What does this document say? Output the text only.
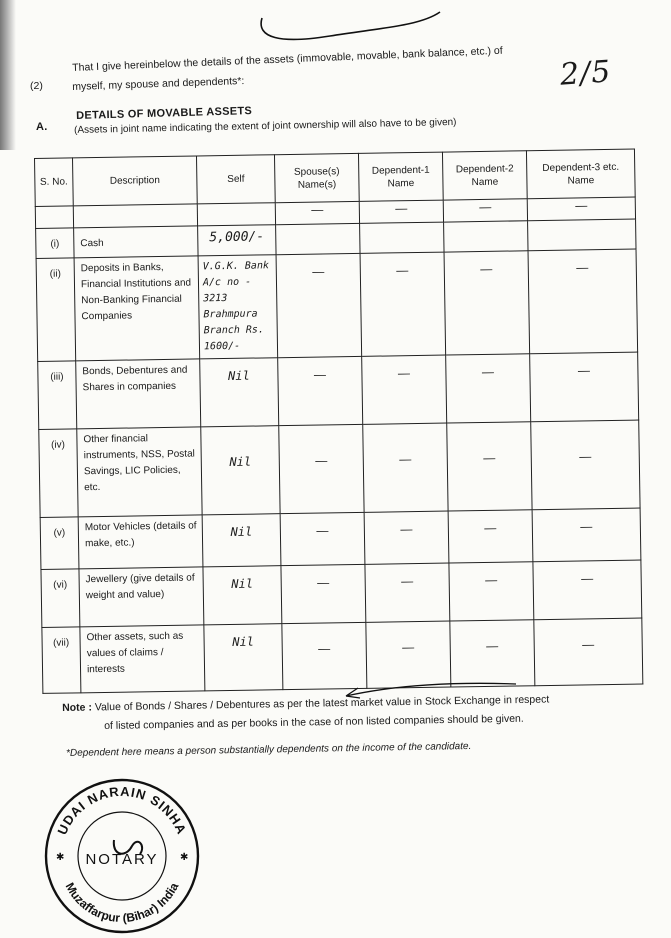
2/5
(2)
That I give hereinbelow the details of the assets (immovable, movable, bank balance, etc.) of
myself, my spouse and dependents*:
A.
DETAILS OF MOVABLE ASSETS
(Assets in joint name indicating the extent of joint ownership will also have to be given)
S. No.	Description	Self	Spouse(s) Name(s)	Dependent-1 Name	Dependent-2 Name	Dependent-3 etc. Name
			—	—	—	—
(i)	Cash	5,000/-				
(ii)	Deposits in Banks, Financial Institutions and Non-Banking Financial Companies	V.G.K. Bank A/c no - 3213 Brahmpura Branch Rs. 1600/-	—	—	—	—
(iii)	Bonds, Debentures and Shares in companies	Nil	—	—	—	—
(iv)	Other financial instruments, NSS, Postal Savings, LIC Policies, etc.	Nil	—	—	—	—
(v)	Motor Vehicles (details of make, etc.)	Nil	—	—	—	—
(vi)	Jewellery (give details of weight and value)	Nil	—	—	—	—
(vii)	Other assets, such as values of claims / interests	Nil	—	—	—	—
Note : Value of Bonds / Shares / Debentures as per the latest market value in Stock Exchange in respect
of listed companies and as per books in the case of non listed companies should be given.
*Dependent here means a person substantially dependents on the income of the candidate.
UDAI NARAIN SINHA
Muzaffarpur (Bihar) India
NOTARY
✱	✱
